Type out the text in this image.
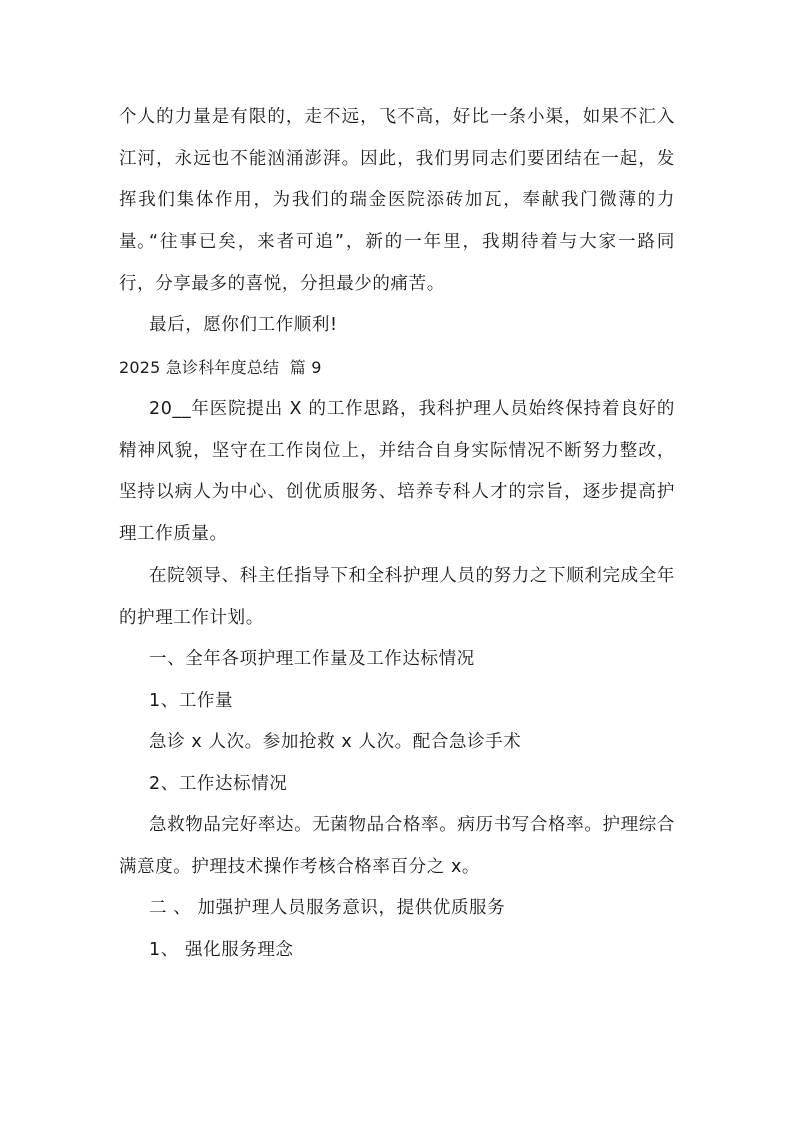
个人的力量是有限的，走不远，飞不高，好比一条小渠，如果不汇入江河，永远也不能汹涌澎湃。因此，我们男同志们要团结在一起，发挥我们集体作用，为我们的瑞金医院添砖加瓦，奉献我门微薄的力量。

“往事已矣，来者可追”，新的一年里，我期待着与大家一路同行，分享最多的喜悦，分担最少的痛苦。

最后，愿你们工作顺利!

2025 急诊科年度总结  篇 9

20__年医院提出 X 的工作思路，我科护理人员始终保持着良好的精神风貌，坚守在工作岗位上，并结合自身实际情况不断努力整改，坚持以病人为中心、创优质服务、培养专科人才的宗旨，逐步提高护理工作质量。

在院领导、科主任指导下和全科护理人员的努力之下顺利完成全年的护理工作计划。

一、全年各项护理工作量及工作达标情况

1、工作量

急诊 x 人次。参加抢救 x 人次。配合急诊手术

2、工作达标情况

急救物品完好率达。无菌物品合格率。病历书写合格率。护理综合满意度。护理技术操作考核合格率百分之 x。

二 、 加强护理人员服务意识，提供优质服务

1、 强化服务理念
